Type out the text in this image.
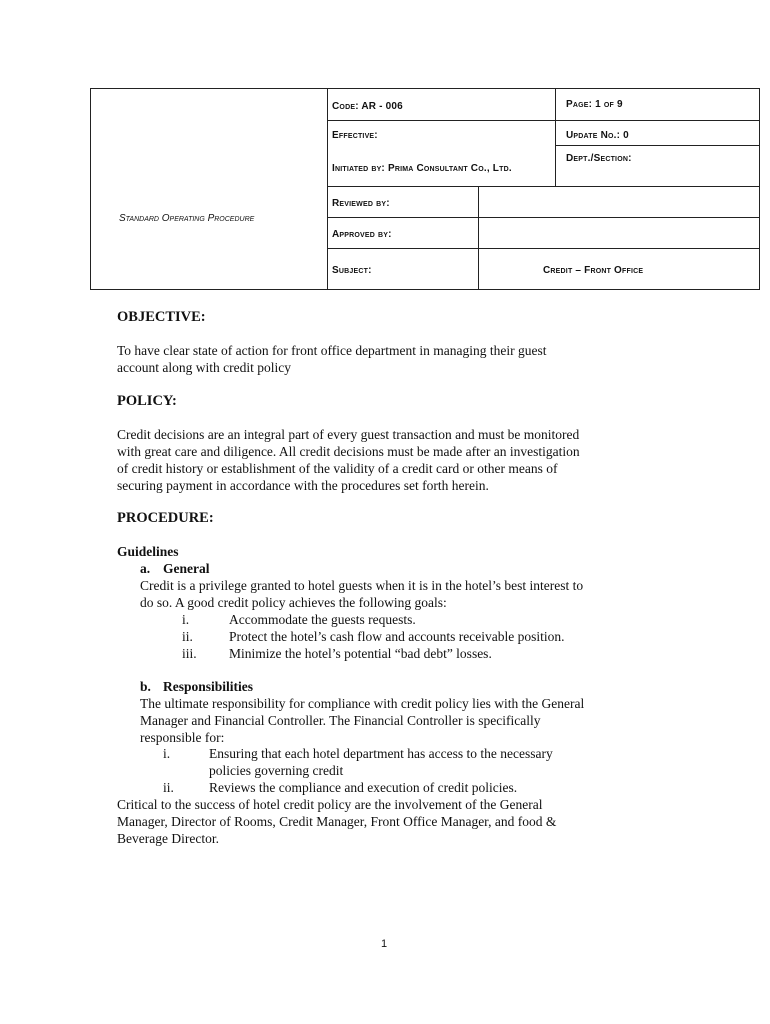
Standard Operating Procedure
Code: AR - 006	Page: 1 of 9
Effective:	Update No.: 0
Initiated by: Prima Consultant Co., Ltd.
Dept./Section:
Reviewed by:
Approved by:
Subject:	Credit – Front Office
OBJECTIVE:
To have clear state of action for front office department in managing their guest
account along with credit policy
POLICY:
Credit decisions are an integral part of every guest transaction and must be monitored
with great care and diligence. All credit decisions must be made after an investigation
of credit history or establishment of the validity of a credit card or other means of
securing payment in accordance with the procedures set forth herein.
PROCEDURE:
Guidelines
a. General
Credit is a privilege granted to hotel guests when it is in the hotel’s best interest to
do so. A good credit policy achieves the following goals:
i.	Accommodate the guests requests.
ii.	Protect the hotel’s cash flow and accounts receivable position.
iii. Minimize the hotel’s potential “bad debt” losses.
b. Responsibilities
The ultimate responsibility for compliance with credit policy lies with the General
Manager and Financial Controller. The Financial Controller is specifically
responsible for:
i.	Ensuring that each hotel department has access to the necessary
policies governing credit
ii.	Reviews the compliance and execution of credit policies.
Critical to the success of hotel credit policy are the involvement of the General
Manager, Director of Rooms, Credit Manager, Front Office Manager, and food &
Beverage Director.
1
